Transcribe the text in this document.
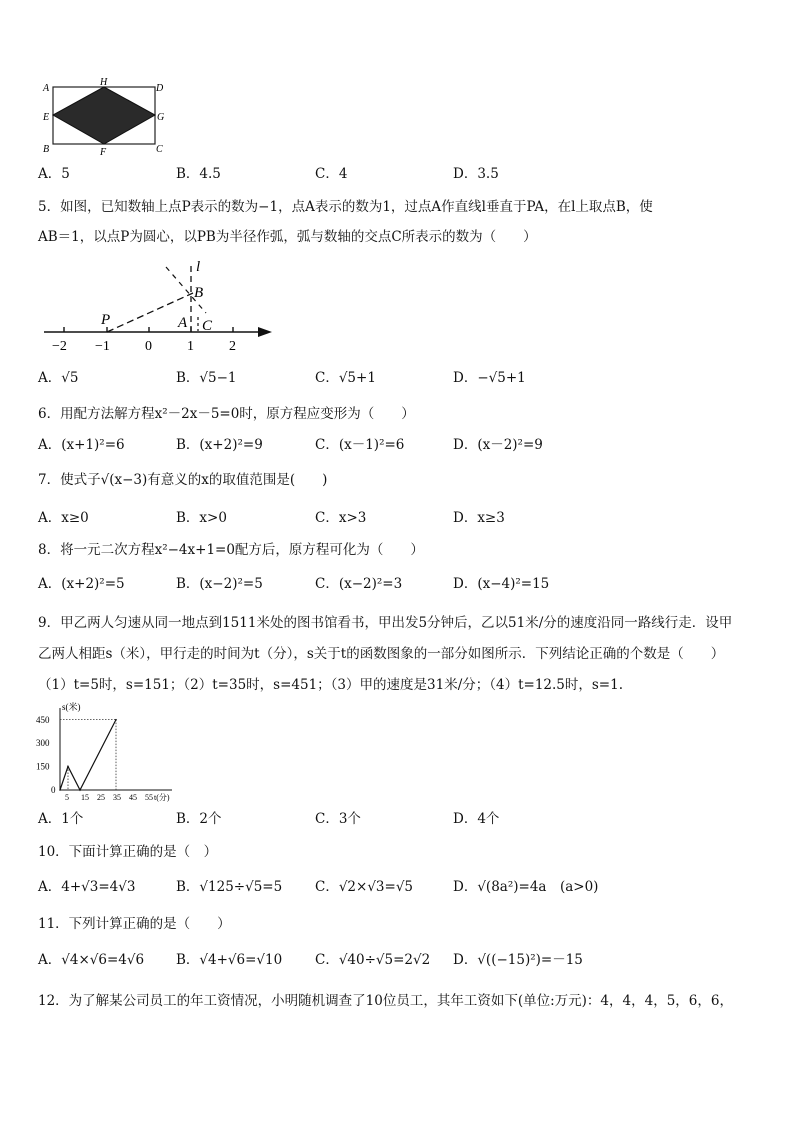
A
H
D
E	G
B	F	C
A．5	B．4.5	C．4	D．3.5
5．如图，已知数轴上点P表示的数为−1，点A表示的数为1，过点A作直线l垂直于PA，在l上取点B，使
AB＝1，以点P为圆心，以PB为半径作弧，弧与数轴的交点C所表示的数为（　　）
P	A
B
C
l
−2 −1	0	1	2
A．√5	B．√5−1	C．√5+1	D．−√5+1
6．用配方法解方程x²－2x－5=0时，原方程应变形为（　　）
A．(x+1)²=6	B．(x+2)²=9	C．(x－1)²=6	D．(x－2)²=9
7．使式子√(x−3)有意义的x的取值范围是(　　)
A．x≥0	B．x>0	C．x>3	D．x≥3
8．将一元二次方程x²−4x+1=0配方后，原方程可化为（　　）
A．(x+2)²=5	B．(x−2)²=5	C．(x−2)²=3	D．(x−4)²=15
9．甲乙两人匀速从同一地点到1511米处的图书馆看书，甲出发5分钟后，乙以51米/分的速度沿同一路线行走．设甲
乙两人相距s（米），甲行走的时间为t（分），s关于t的函数图象的一部分如图所示．下列结论正确的个数是（　　）
（1）t=5时，s=151；（2）t=35时，s=451；（3）甲的速度是31米/分；（4）t=12.5时，s=1.
450
300
150
0
5 15 25 35 45 55
s(米)
t(分)
A．1个	B．2个	C．3个	D．4个
10．下面计算正确的是（　）
A．4+√3=4√3	B．√125÷√5=5 C．√2×√3=√5	D．√(8a²)=4a　(a>0)
11．下列计算正确的是（　　）
A．√4×√6=4√6 B．√4+√6=√10 C．√40÷√5=2√2 D．√((−15)²)=－15
12．为了解某公司员工的年工资情况，小明随机调查了10位员工，其年工资如下(单位:万元)：4，4，4，5，6，6，
